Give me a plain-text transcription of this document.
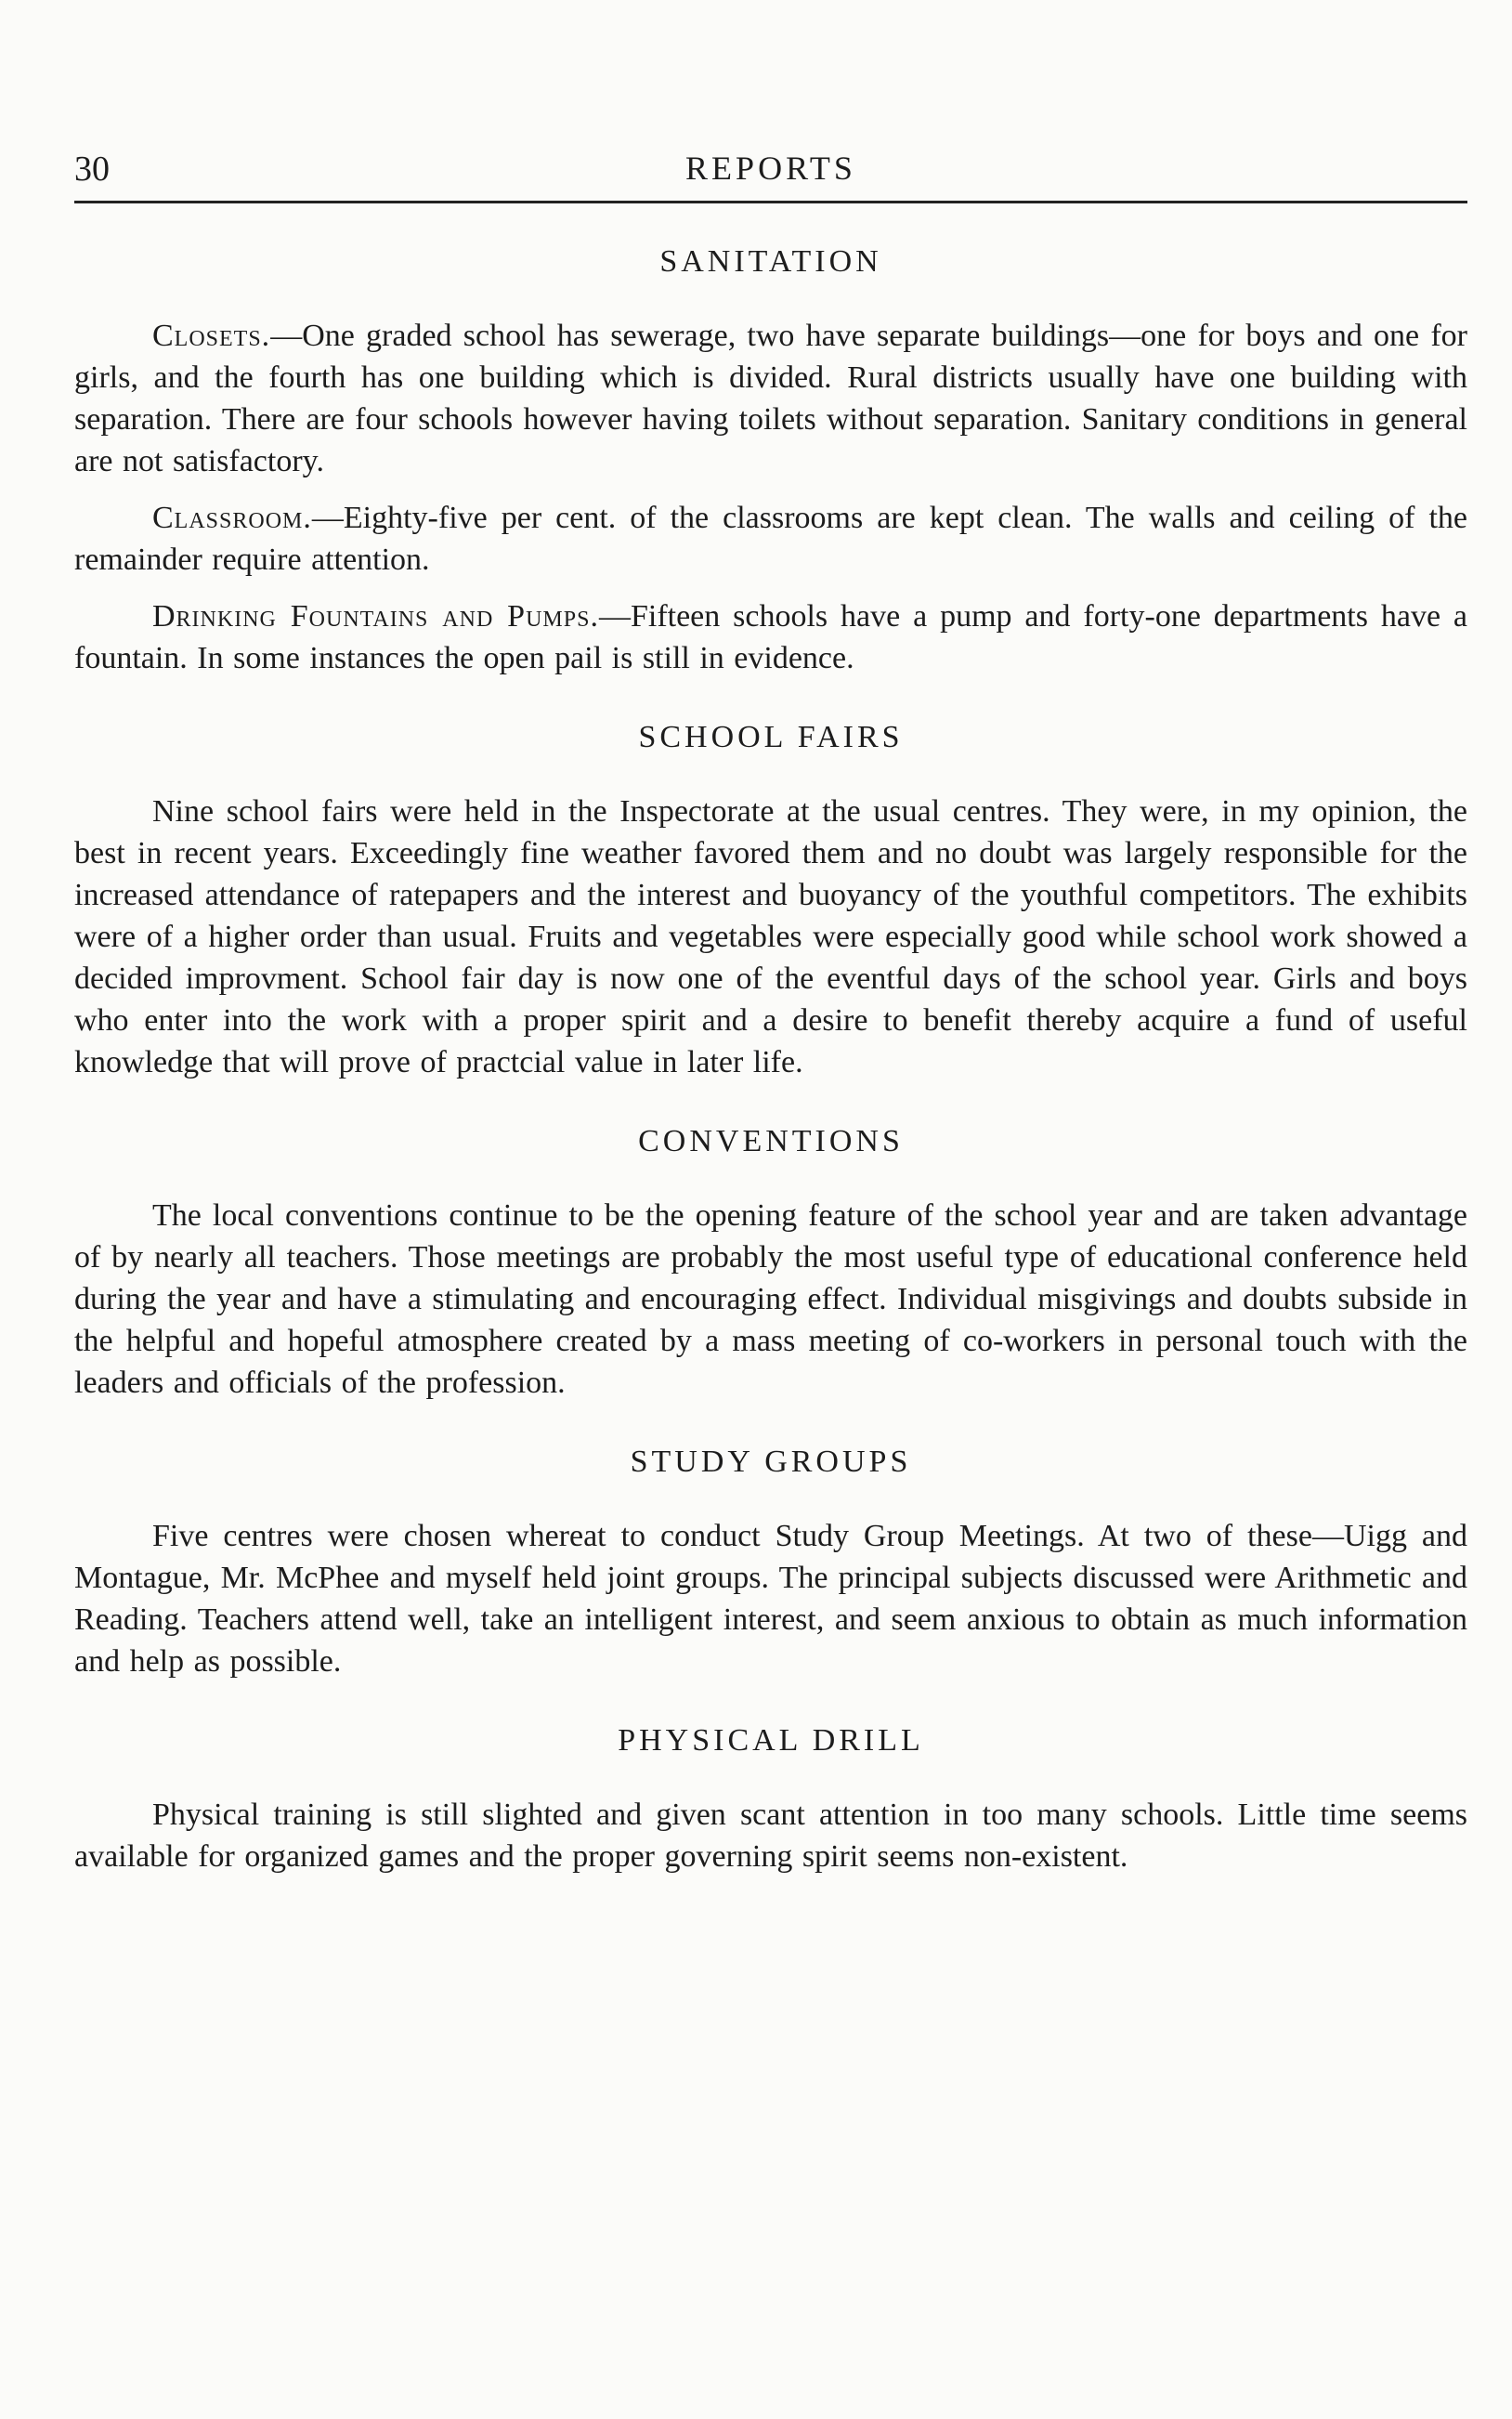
30	REPORTS
SANITATION

Closets.—One graded school has sewerage, two have separate buildings—one for boys and one for girls, and the fourth has one building which is divided. Rural districts usually have one building with separation. There are four schools however having toilets without separation. Sanitary conditions in general are not satisfactory.

Classroom.—Eighty-five per cent. of the classrooms are kept clean. The walls and ceiling of the remainder require attention.

Drinking Fountains and Pumps.—Fifteen schools have a pump and forty-one departments have a fountain. In some instances the open pail is still in evidence.

SCHOOL FAIRS

Nine school fairs were held in the Inspectorate at the usual centres. They were, in my opinion, the best in recent years. Exceedingly fine weather favored them and no doubt was largely responsible for the increased attendance of ratepapers and the interest and buoyancy of the youthful competitors. The exhibits were of a higher order than usual. Fruits and vegetables were especially good while school work showed a decided improvment. School fair day is now one of the eventful days of the school year. Girls and boys who enter into the work with a proper spirit and a desire to benefit thereby acquire a fund of useful knowledge that will prove of practcial value in later life.

CONVENTIONS

The local conventions continue to be the opening feature of the school year and are taken advantage of by nearly all teachers. Those meetings are probably the most useful type of educational conference held during the year and have a stimulating and encouraging effect. Individual misgivings and doubts subside in the helpful and hopeful atmosphere created by a mass meeting of co-workers in personal touch with the leaders and officials of the profession.

STUDY GROUPS

Five centres were chosen whereat to conduct Study Group Meetings. At two of these—Uigg and Montague, Mr. McPhee and myself held joint groups. The principal subjects discussed were Arithmetic and Reading. Teachers attend well, take an intelligent interest, and seem anxious to obtain as much information and help as possible.

PHYSICAL DRILL

Physical training is still slighted and given scant attention in too many schools. Little time seems available for organized games and the proper governing spirit seems non-existent.
